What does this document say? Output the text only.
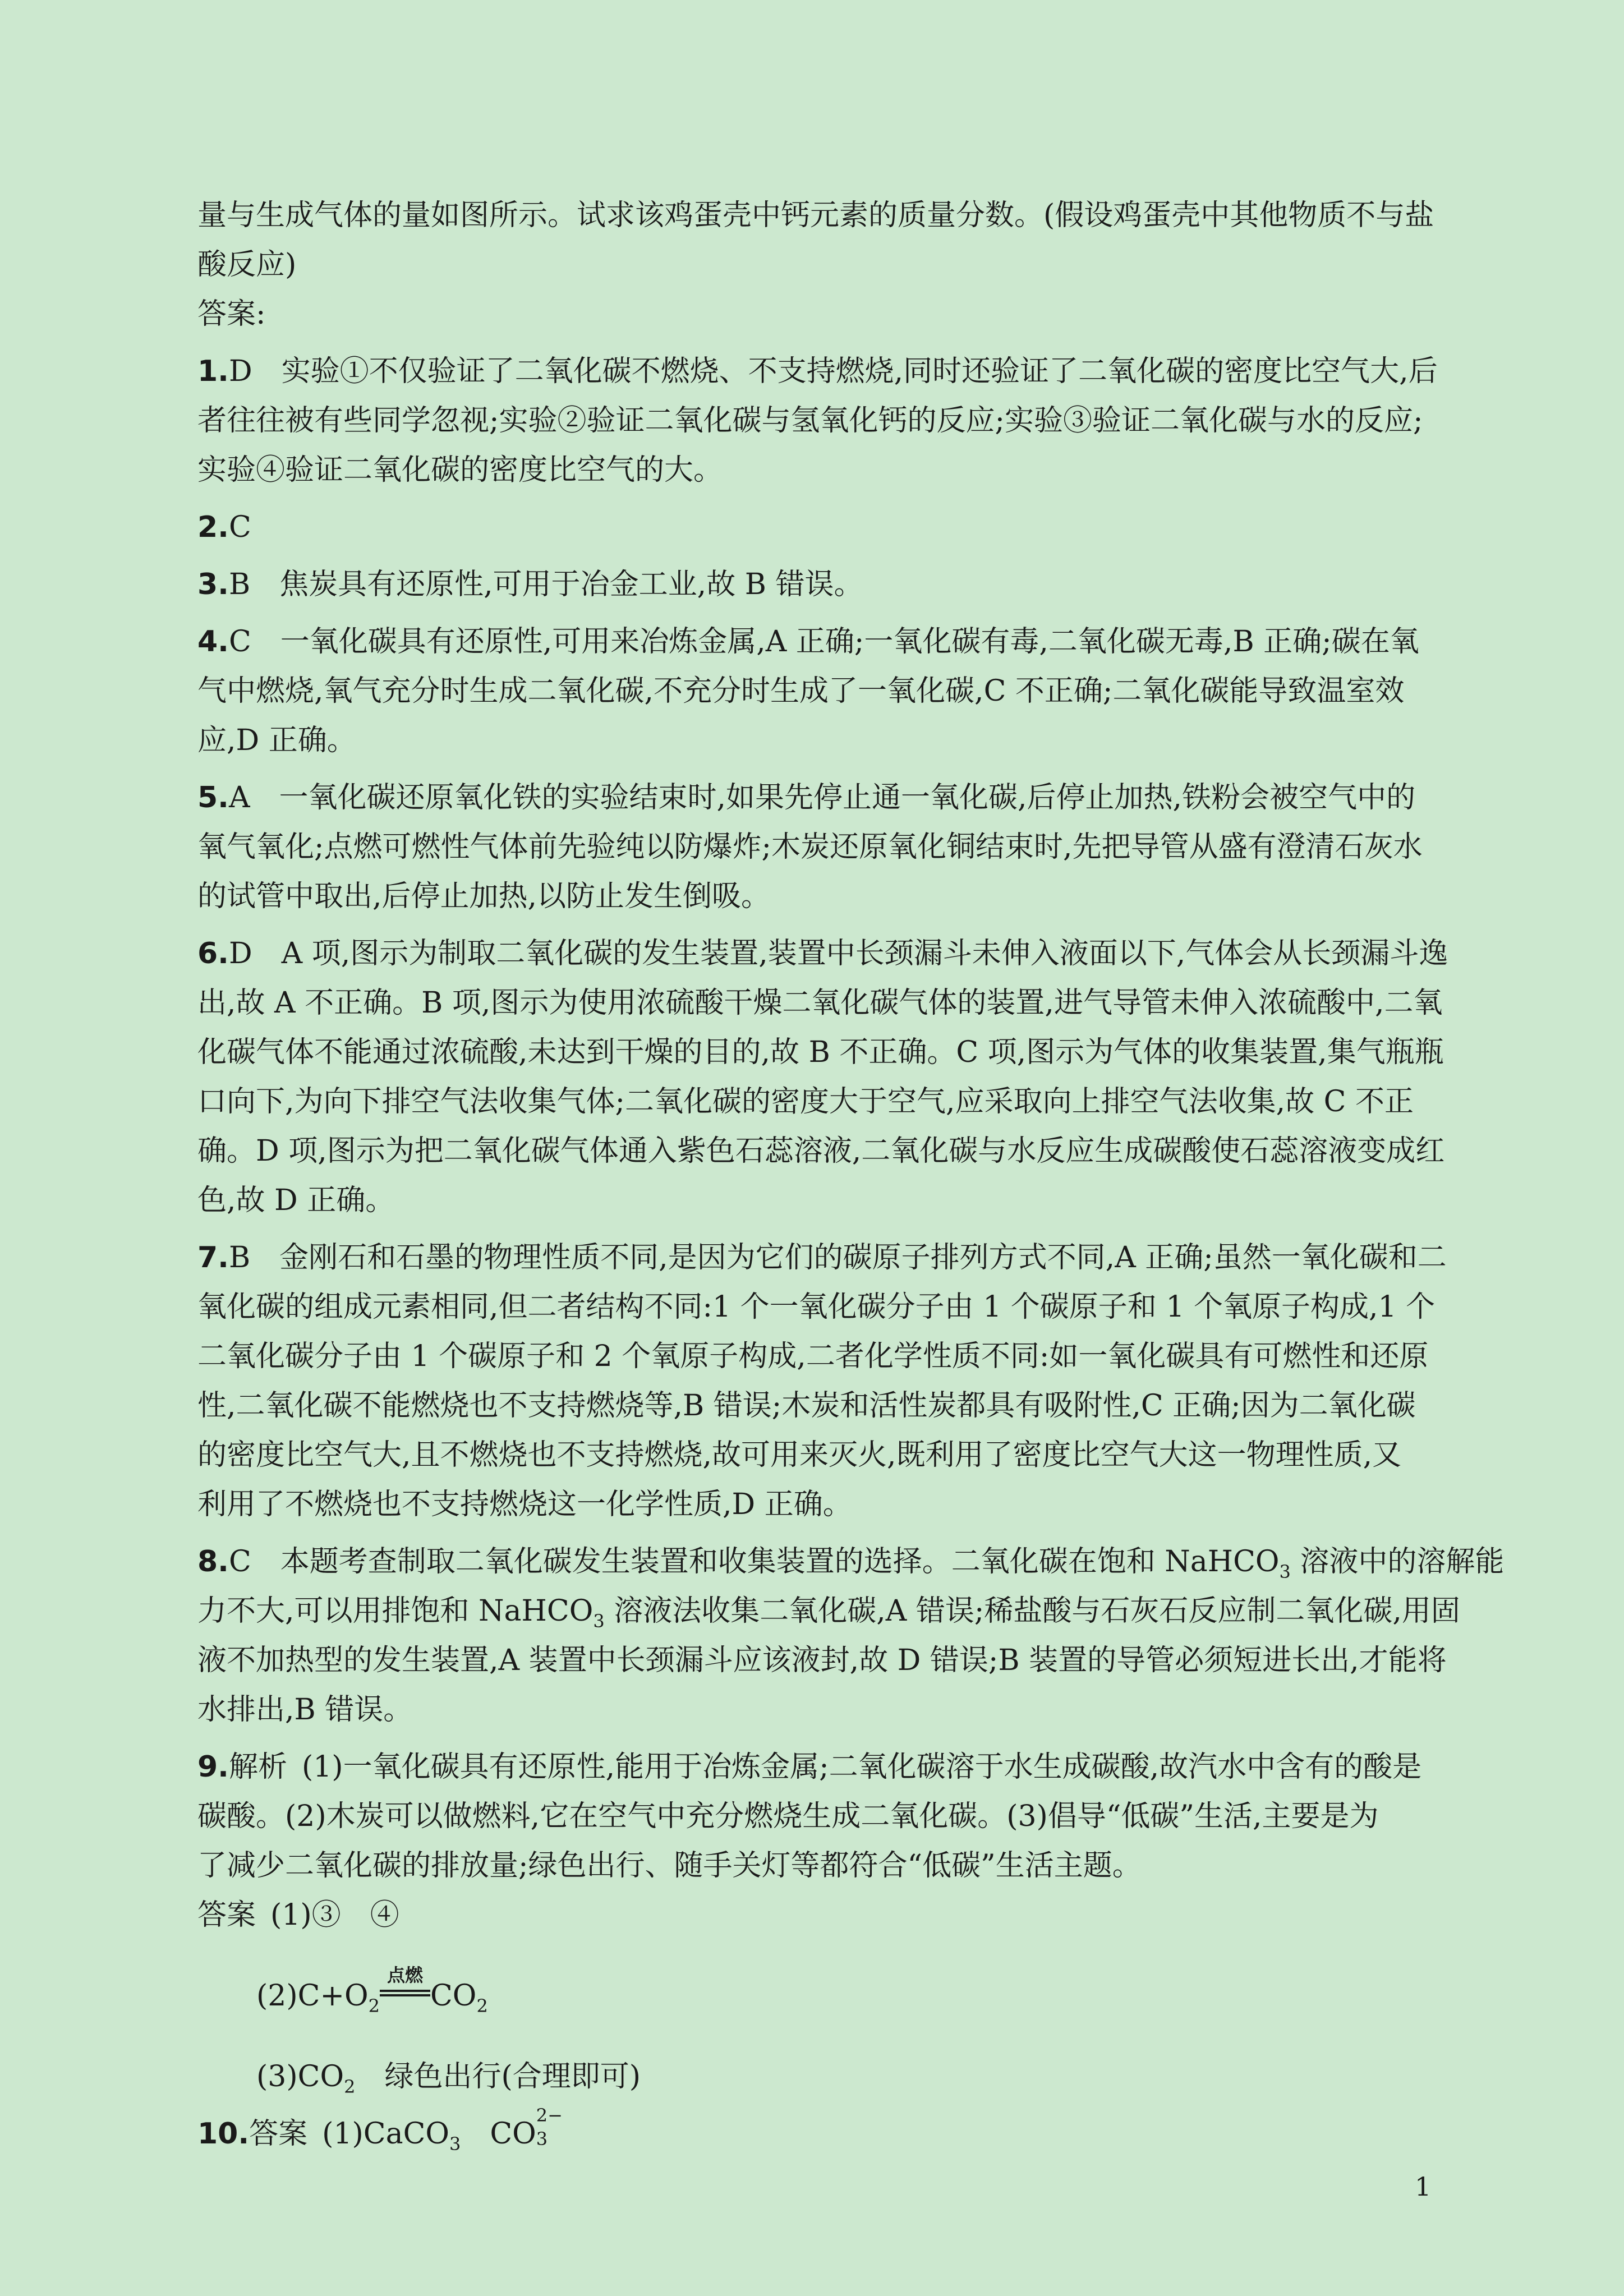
量与生成气体的量如图所示。试求该鸡蛋壳中钙元素的质量分数。(假设鸡蛋壳中其他物质不与盐
酸反应)
答案:
1.D　实验①不仅验证了二氧化碳不燃烧、不支持燃烧,同时还验证了二氧化碳的密度比空气大,后
者往往被有些同学忽视;实验②验证二氧化碳与氢氧化钙的反应;实验③验证二氧化碳与水的反应;
实验④验证二氧化碳的密度比空气的大。
2.C
3.B　焦炭具有还原性,可用于冶金工业,故 B 错误。
4.C　一氧化碳具有还原性,可用来冶炼金属,A 正确;一氧化碳有毒,二氧化碳无毒,B 正确;碳在氧
气中燃烧,氧气充分时生成二氧化碳,不充分时生成了一氧化碳,C 不正确;二氧化碳能导致温室效
应,D 正确。
5.A　一氧化碳还原氧化铁的实验结束时,如果先停止通一氧化碳,后停止加热,铁粉会被空气中的
氧气氧化;点燃可燃性气体前先验纯以防爆炸;木炭还原氧化铜结束时,先把导管从盛有澄清石灰水
的试管中取出,后停止加热,以防止发生倒吸。
6.D　A 项,图示为制取二氧化碳的发生装置,装置中长颈漏斗未伸入液面以下,气体会从长颈漏斗逸
出,故 A 不正确。B 项,图示为使用浓硫酸干燥二氧化碳气体的装置,进气导管未伸入浓硫酸中,二氧
化碳气体不能通过浓硫酸,未达到干燥的目的,故 B 不正确。C 项,图示为气体的收集装置,集气瓶瓶
口向下,为向下排空气法收集气体;二氧化碳的密度大于空气,应采取向上排空气法收集,故 C 不正
确。D 项,图示为把二氧化碳气体通入紫色石蕊溶液,二氧化碳与水反应生成碳酸使石蕊溶液变成红
色,故 D 正确。
7.B　金刚石和石墨的物理性质不同,是因为它们的碳原子排列方式不同,A 正确;虽然一氧化碳和二
氧化碳的组成元素相同,但二者结构不同:1 个一氧化碳分子由 1 个碳原子和 1 个氧原子构成,1 个
二氧化碳分子由 1 个碳原子和 2 个氧原子构成,二者化学性质不同:如一氧化碳具有可燃性和还原
性,二氧化碳不能燃烧也不支持燃烧等,B 错误;木炭和活性炭都具有吸附性,C 正确;因为二氧化碳
的密度比空气大,且不燃烧也不支持燃烧,故可用来灭火,既利用了密度比空气大这一物理性质,又
利用了不燃烧也不支持燃烧这一化学性质,D 正确。
8.C　本题考查制取二氧化碳发生装置和收集装置的选择。二氧化碳在饱和 NaHCO$_3$ 溶液中的溶解能
力不大,可以用排饱和 NaHCO$_3$ 溶液法收集二氧化碳,A 错误;稀盐酸与石灰石反应制二氧化碳,用固
液不加热型的发生装置,A 装置中长颈漏斗应该液封,故 D 错误;B 装置的导管必须短进长出,才能将
水排出,B 错误。
9.解析 (1)一氧化碳具有还原性,能用于冶炼金属;二氧化碳溶于水生成碳酸,故汽水中含有的酸是
碳酸。(2)木炭可以做燃料,它在空气中充分燃烧生成二氧化碳。(3)倡导“低碳”生活,主要是为
了减少二氧化碳的排放量;绿色出行、随手关灯等都符合“低碳”生活主题。
答案 (1)③　④
$(2)C+O_2$
点燃
$CO_2$
$(3)CO_2$　绿色出行(合理即可)
10.答案 (1)CaCO$_3$　CO
2−
3
1
